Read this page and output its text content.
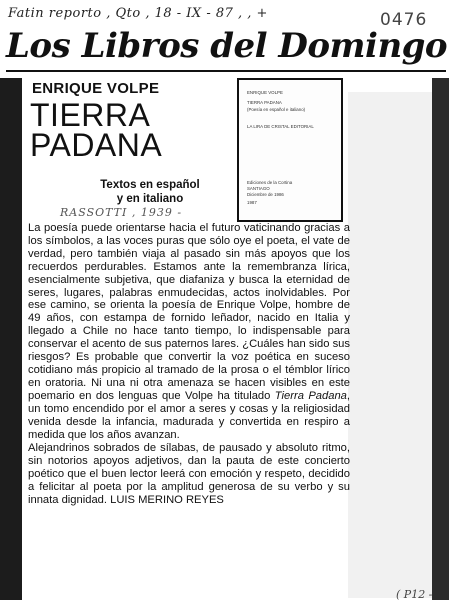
Fatin reporto , Qto , 18 - IX - 87 , , +	0476
Los Libros del Domingo
ENRIQUE VOLPE
TIERRA
PADANA
Textos en español
y en italiano
ENRIQUE VOLPE
TIERRA PADANA
(Poesía en español e italiano)
LA LIRA DE CRISTAL EDITORIAL
Ediciones de la Cortina
SANTIAGO
Diciembre de 1986
1987
RASSOTTI , 1939 -

La poesía puede orientarse hacia el futuro vaticinando gracias a los símbolos, a las voces puras que sólo oye el poeta, el vate de verdad, pero también viaja al pasado sin más apoyos que los recuerdos perdurables. Estamos ante la remembranza lírica, esencialmente subjetiva, que diafaniza y busca la eternidad de seres, lugares, palabras enmudecidas, actos inolvidables. Por ese camino, se orienta la poesía de Enrique Volpe, hombre de 49 años, con estampa de fornido leñador, nacido en Italia y llegado a Chile no hace tanto tiempo, lo indispensable para conservar el acento de sus paternos lares. ¿Cuáles han sido sus riesgos? Es probable que convertir la voz poética en suceso cotidiano más propicio al tramado de la prosa o el témblor lírico en oratoria. Ni una ni otra amenaza se hacen visibles en este poemario en dos lenguas que Volpe ha titulado Tierra Padana, un tomo encendido por el amor a seres y cosas y la religiosidad venida desde la infancia, madurada y convertida en respiro a medida que los años avanzan.

Alejandrinos sobrados de sílabas, de pausado y absoluto ritmo, sin notorios apoyos adjetivos, dan la pauta de este concierto poético que el buen lector leerá con emoción y respeto, decidido a felicitar al poeta por la amplitud generosa de su verbo y su innata dignidad. LUIS MERINO REYES

( P12 -
